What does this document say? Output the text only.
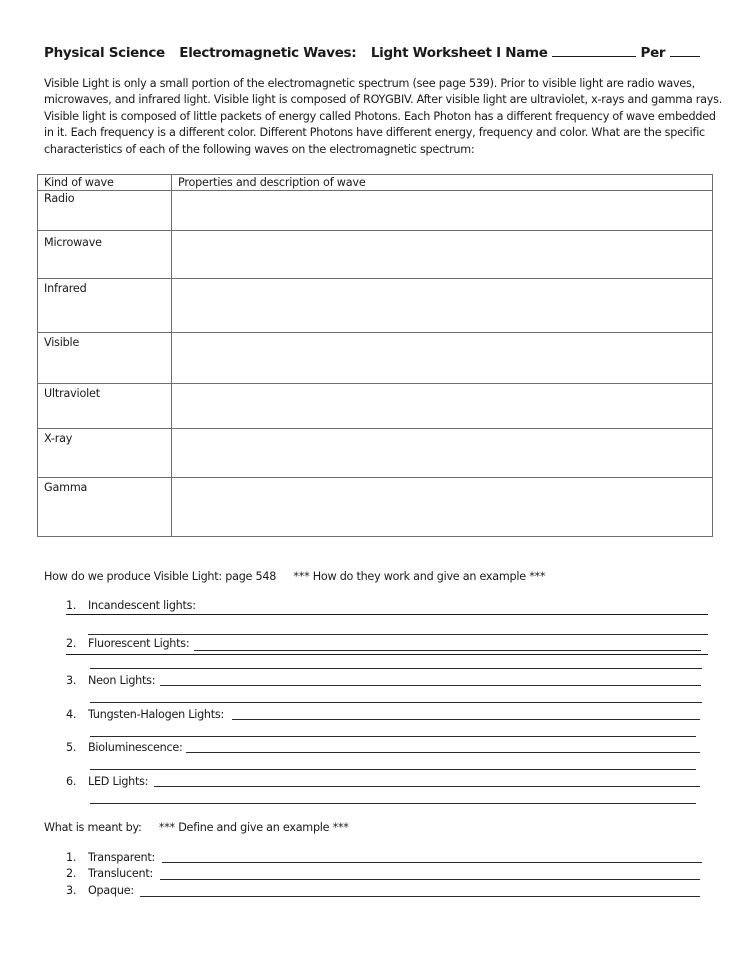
Physical Science Electromagnetic Waves: Light Worksheet I Name	Per
Visible Light is only a small portion of the electromagnetic spectrum (see page 539). Prior to visible light are radio waves, microwaves, and infrared light. Visible light is composed of ROYGBIV. After visible light are ultraviolet, x-rays and gamma rays. Visible light is composed of little packets of energy called Photons. Each Photon has a different frequency of wave embedded in it. Each frequency is a different color. Different Photons have different energy, frequency and color. What are the specific characteristics of each of the following waves on the electromagnetic spectrum:
Kind of wave	Properties and description of wave
Radio	
Microwave	
Infrared	
Visible	
Ultraviolet	
X-ray	
Gamma	
How do we produce Visible Light: page 548 *** How do they work and give an example ***
1. Incandescent lights:
2. Fluorescent Lights:
3. Neon Lights:
4. Tungsten-Halogen Lights:
5. Bioluminescence:
6. LED Lights:
What is meant by: *** Define and give an example ***
1. Transparent:
2. Translucent:
3. Opaque:
